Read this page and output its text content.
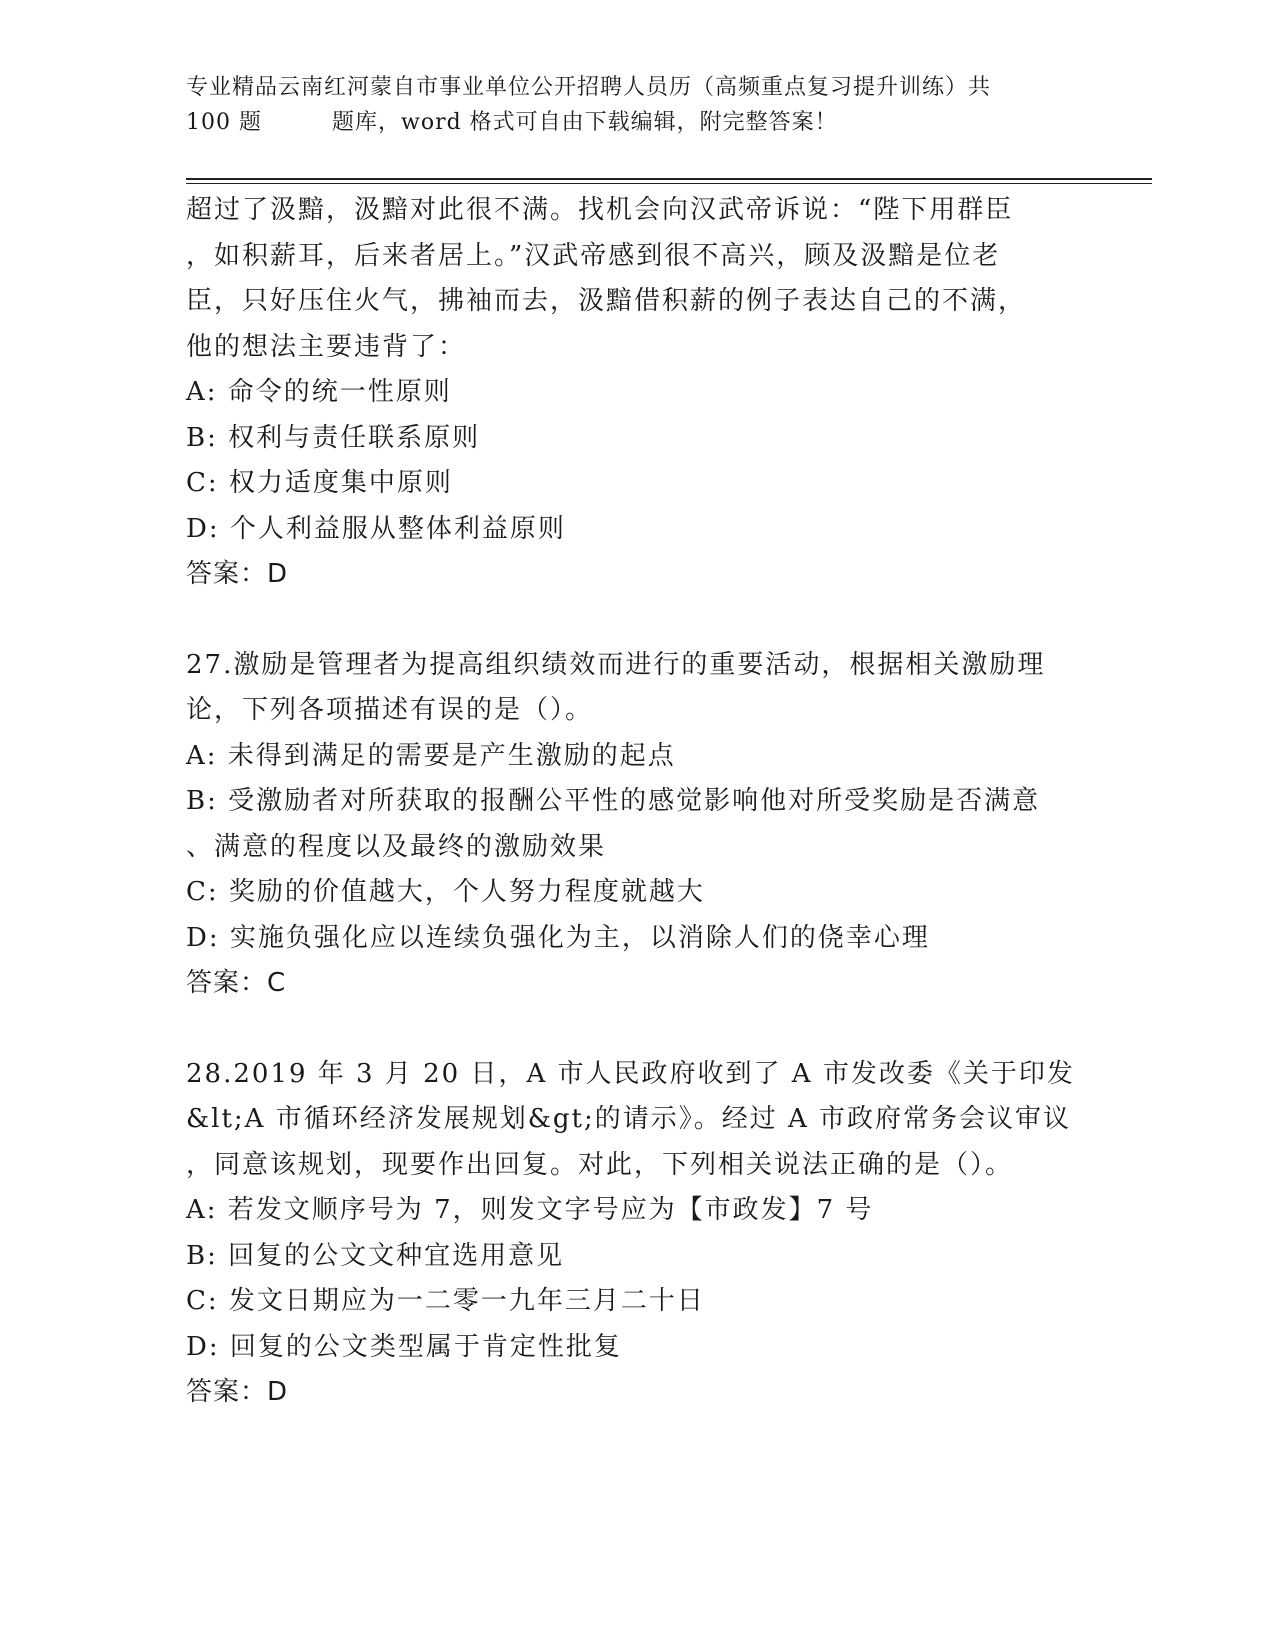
专业精品云南红河蒙自市事业单位公开招聘人员历（高频重点复习提升训练）共
100 题	题库，word 格式可自由下载编辑，附完整答案！

超过了汲黯，汲黯对此很不满。找机会向汉武帝诉说：“陛下用群臣

，如积薪耳，后来者居上。”汉武帝感到很不高兴，顾及汲黯是位老

臣，只好压住火气，拂袖而去，汲黯借积薪的例子表达自己的不满，

他的想法主要违背了：

A: 命令的统一性原则

B: 权利与责任联系原则

C: 权力适度集中原则

D: 个人利益服从整体利益原则

答案：D

27.激励是管理者为提高组织绩效而进行的重要活动，根据相关激励理

论，下列各项描述有误的是（）。

A: 未得到满足的需要是产生激励的起点

B: 受激励者对所获取的报酬公平性的感觉影响他对所受奖励是否满意

、满意的程度以及最终的激励效果

C: 奖励的价值越大，个人努力程度就越大

D: 实施负强化应以连续负强化为主，以消除人们的侥幸心理

答案：C

28.2019 年 3 月 20 日，A 市人民政府收到了 A 市发改委《关于印发

&lt;A 市循环经济发展规划&gt;的请示》。经过 A 市政府常务会议审议

，同意该规划，现要作出回复。对此，下列相关说法正确的是（）。

A: 若发文顺序号为 7，则发文字号应为【市政发】7 号

B: 回复的公文文种宜选用意见

C: 发文日期应为一二零一九年三月二十日

D: 回复的公文类型属于肯定性批复

答案：D
